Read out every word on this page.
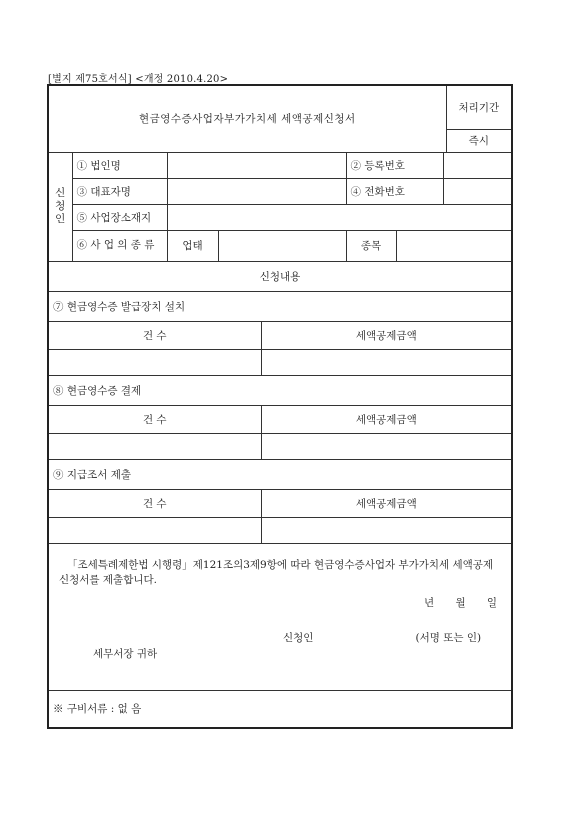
[별지 제75호서식] <개정 2010.4.20>
현금영수증사업자부가가치세 세액공제신청서								처리기간
								즉시

신
청
인	① 법인명				② 등록번호			
	③ 대표자명				④ 전화번호			
	⑤ 사업장소재지							
	⑥ 사 업 의 종 류	업태			종목			
신청내용								
⑦ 현금영수증 발급장치 설치								
건 수				세액공제금액				

⑧ 현금영수증 결제								
건 수				세액공제금액				

⑨ 지급조서 제출								
건 수				세액공제금액				

「조세특례제한법 시행령」제121조의3제9항에 따라 현금영수증사업자 부가가치세 세액공제신청서를 제출합니다.
년 월 일
신청인 (서명 또는 인)
세무서장 귀하								

※ 구비서류 : 없 음								
